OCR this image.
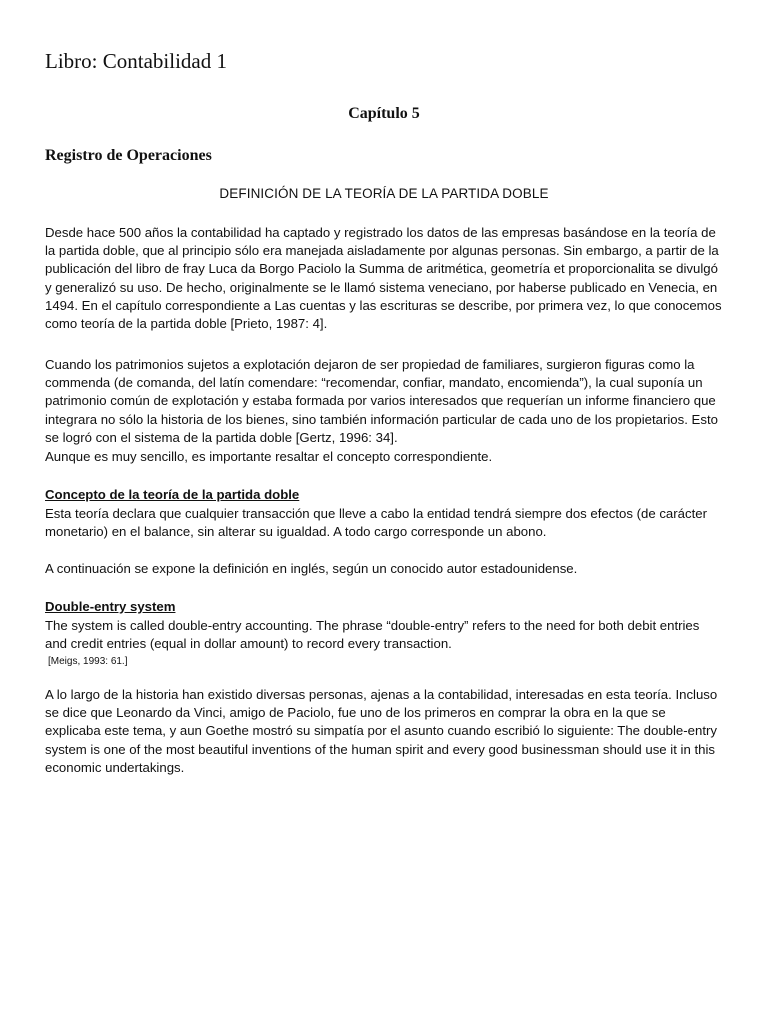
Libro: Contabilidad 1
Capítulo 5
Registro de Operaciones
DEFINICIÓN DE LA TEORÍA DE LA PARTIDA DOBLE

Desde hace 500 años la contabilidad ha captado y registrado los datos de las empresas basándose en la teoría de la partida doble, que al principio sólo era manejada aisladamente por algunas personas. Sin embargo, a partir de la publicación del libro de fray Luca da Borgo Paciolo la Summa de aritmética, geometría et proporcionalita se divulgó y generalizó su uso. De hecho, originalmente se le llamó sistema veneciano, por haberse publicado en Venecia, en 1494. En el capítulo correspondiente a Las cuentas y las escrituras se describe, por primera vez, lo que conocemos como teoría de la partida doble [Prieto, 1987: 4].

Cuando los patrimonios sujetos a explotación dejaron de ser propiedad de familiares, surgieron figuras como la commenda (de comanda, del latín comendare: “recomendar, confiar, mandato, encomienda”), la cual suponía un patrimonio común de explotación y estaba formada por varios interesados que requerían un informe financiero que integrara no sólo la historia de los bienes, sino también información particular de cada uno de los propietarios. Esto se logró con el sistema de la partida doble [Gertz, 1996: 34].

Aunque es muy sencillo, es importante resaltar el concepto correspondiente.

Concepto de la teoría de la partida doble

Esta teoría declara que cualquier transacción que lleve a cabo la entidad tendrá siempre dos efectos (de carácter monetario) en el balance, sin alterar su igualdad. A todo cargo corresponde un abono.

A continuación se expone la definición en inglés, según un conocido autor estadounidense.

Double-entry system

The system is called double-entry accounting. The phrase “double-entry” refers to the need for both debit entries and credit entries (equal in dollar amount) to record every transaction.

[Meigs, 1993: 61.]

A lo largo de la historia han existido diversas personas, ajenas a la contabilidad, interesadas en esta teoría. Incluso se dice que Leonardo da Vinci, amigo de Paciolo, fue uno de los primeros en comprar la obra en la que se explicaba este tema, y aun Goethe mostró su simpatía por el asunto cuando escribió lo siguiente: The double-entry system is one of the most beautiful inventions of the human spirit and every good businessman should use it in this economic undertakings.
